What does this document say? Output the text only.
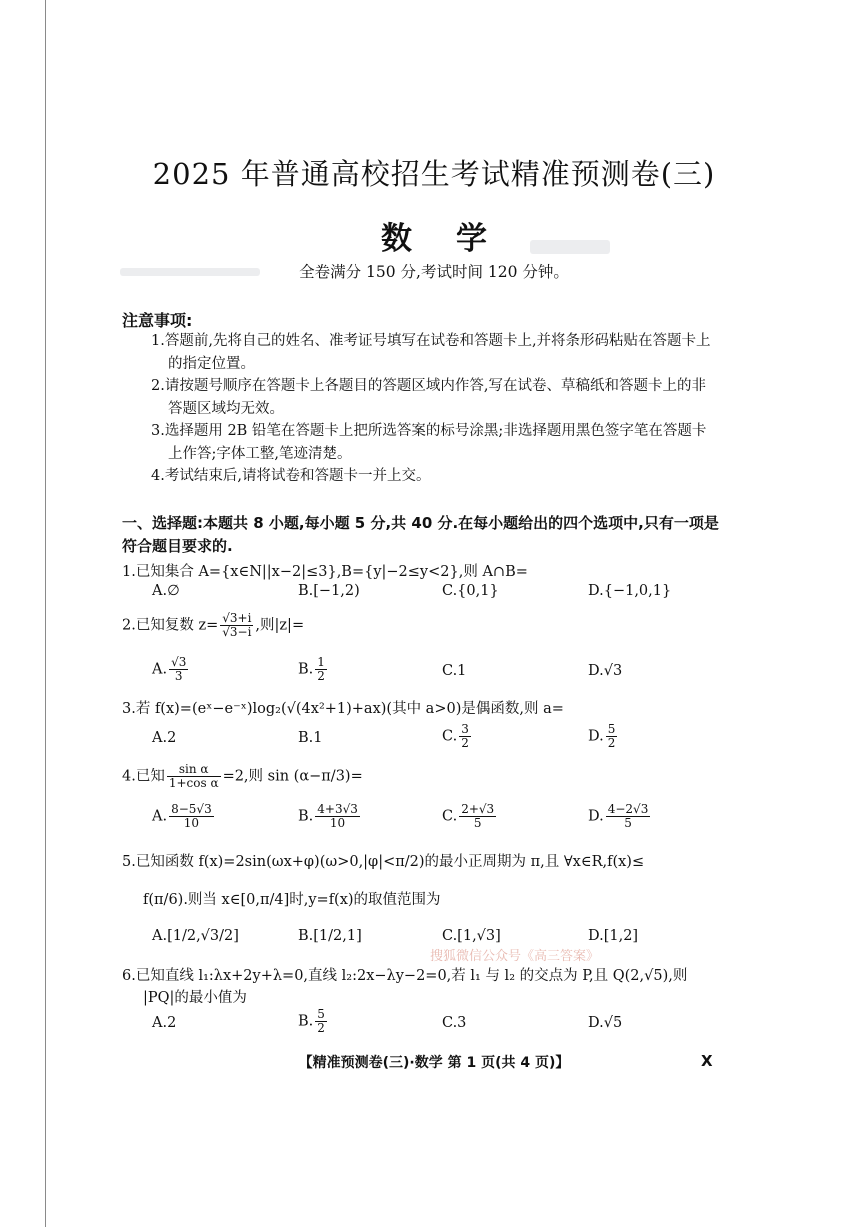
2025 年普通高校招生考试精准预测卷(三)
数学
全卷满分 150 分,考试时间 120 分钟。
注意事项:
1.答题前,先将自己的姓名、准考证号填写在试卷和答题卡上,并将条形码粘贴在答题卡上
的指定位置。
2.请按题号顺序在答题卡上各题目的答题区域内作答,写在试卷、草稿纸和答题卡上的非
答题区域均无效。
3.选择题用 2B 铅笔在答题卡上把所选答案的标号涂黑;非选择题用黑色签字笔在答题卡
上作答;字体工整,笔迹清楚。
4.考试结束后,请将试卷和答题卡一并上交。
一、选择题:本题共 8 小题,每小题 5 分,共 40 分.在每小题给出的四个选项中,只有一项是符合题目要求的.
1.已知集合 A={x∈N||x−2|≤3},B={y|−2≤y<2},则 A∩B=
A.∅	B.[−1,2)	C.{0,1}	D.{−1,0,1}
2.已知复数 $z= \frac{√3+i}{√3-i}$ ,则|z|=
A. $\frac{√3}{3}$	B. $\frac{1}{2}$	C.1	D.√3
3.若 f(x)=(eˣ−e⁻ˣ)log₂(√(4x²+1)+ax)(其中 a>0)是偶函数,则 a=
A.2	B.1	C. $\frac{3}{2}$	D. $\frac{5}{2}$
4.已知 $\frac{\text{sin α}}{\text{1+cos α}} =2$,则 sin (α−π/3)=
A. $\frac{8-5√3}{10}$	B. $\frac{4+3√3}{10}$	C. $\frac{2+√3}{5}$	D. $\frac{4-2√3}{5}$
5.已知函数 f(x)=2sin(ωx+φ)(ω>0,|φ|<π/2)的最小正周期为 π,且 ∀x∈R,f(x)≤
f(π/6).则当 x∈[0,π/4]时,y=f(x)的取值范围为
A.[1/2,√3/2]	B.[1/2,1]	C.[1,√3]	D.[1,2]
搜狐微信公众号《高三答案》
6.已知直线 l₁:λx+2y+λ=0,直线 l₂:2x−λy−2=0,若 l₁ 与 l₂ 的交点为 P,且 Q(2,√5),则
|PQ|的最小值为
A.2	B. $\frac{5}{2}$	C.3	D.√5
【精准预测卷(三)·数学 第 1 页(共 4 页)】	X
